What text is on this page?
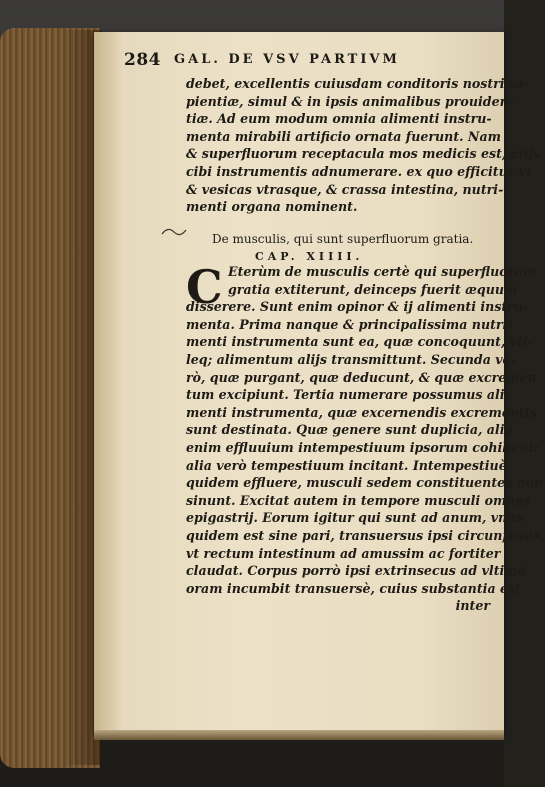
284 GAL. DE VSV PARTIVM
debet, excellentis cuiusdam conditoris nostri sa-
pientiæ, simul & in ipsis animalibus prouiden-
tiæ. Ad eum modum omnia alimenti instru-
menta mirabili artificio ornata fuerunt. Nam
& superfluorum receptacula mos medicis est, alijs
cibi instrumentis adnumerare. ex quo efficitur vt
& vesicas vtrasque, & crassa intestina, nutri-
menti organa nominent.
De musculis, qui sunt superfluorum gratia.
CAP. XIIII.
C Eterùm de musculis certè qui superfluorum
gratia extiterunt, deinceps fuerit æquum
disserere. Sunt enim opinor & ij alimenti instru-
menta. Prima nanque & principalissima nutri-
menti instrumenta sunt ea, quæ concoquunt, vti-
leq; alimentum alijs transmittunt. Secunda ve-
rò, quæ purgant, quæ deducunt, & quæ excremen
tum excipiunt. Tertia numerare possumus ali-
menti instrumenta, quæ excernendis excrementis
sunt destinata. Quæ genere sunt duplicia, alia
enim effluuium intempestiuum ipsorum cohibent:
alia verò tempestiuum incitant. Intempestiuè
quidem effluere, musculi sedem constituentes non
sinunt. Excitat autem in tempore musculi omnes
epigastrij. Eorum igitur qui sunt ad anum, vnus
quidem est sine pari, transuersus ipsi circunfusus,
vt rectum intestinum ad amussim ac fortiter
claudat. Corpus porrò ipsi extrinsecus ad vltimâ
oram incumbit transuersè, cuius substantia est
inter
